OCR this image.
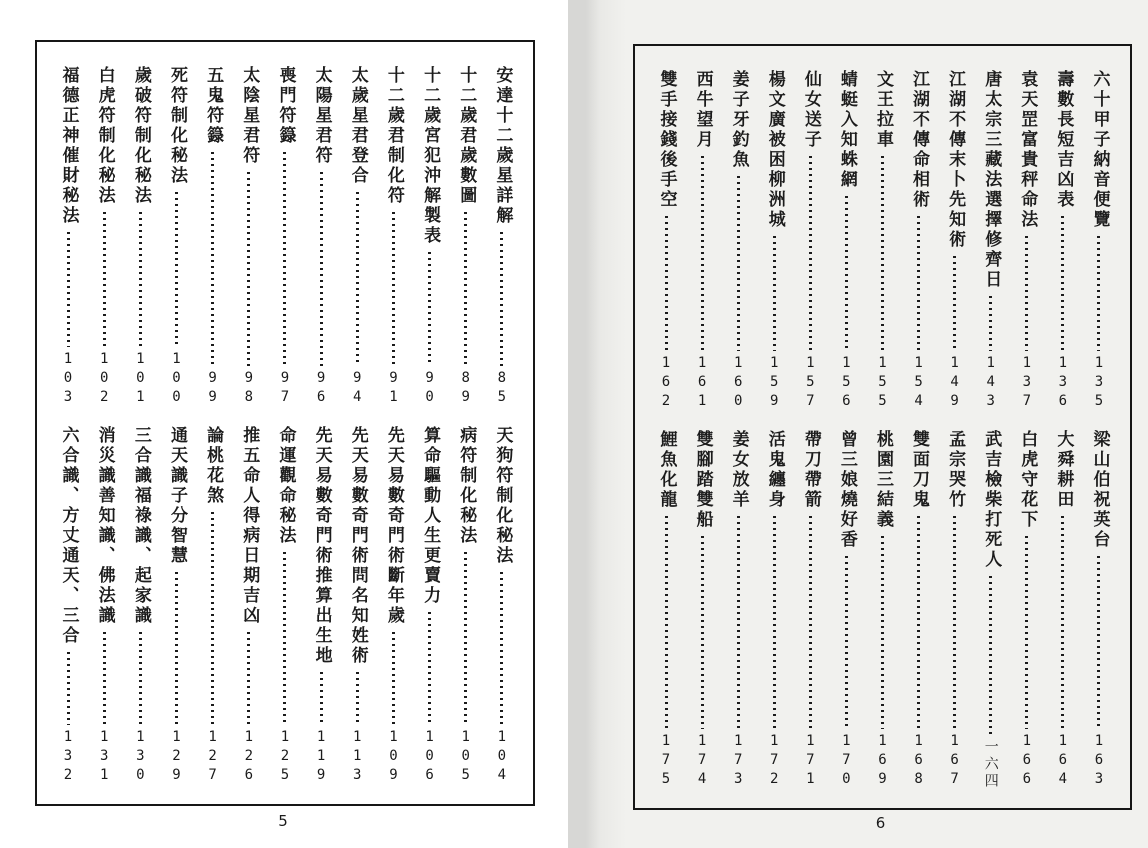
安達十二歲星詳解
85
十二歲君歲數圖
89
十二歲宮犯沖解製表
90
十二歲君制化符
91
太歲星君登合
94
太陽星君符
96
喪門符籙
97
太陰星君符
98
五鬼符籙
99
死符制化秘法
100
歲破符制化秘法
101
白虎符制化秘法
102
福德正神催財秘法
103
天狗符制化秘法
104
病符制化秘法
105
算命驅動人生更賣力
106
先天易數奇門術斷年歲
109
先天易數奇門術問名知姓術
113
先天易數奇門術推算出生地
119
命運觀命秘法
125
推五命人得病日期吉凶
126
論桃花煞
127
通天識子分智慧
129
三合識福祿識、起家識
130
消災識善知識、佛法識
131
六合識、方丈通天、三合
132
5
六十甲子納音便覽
135
壽數長短吉凶表
136
袁天罡富貴秤命法
137
唐太宗三藏法選擇修齊日
143
江湖不傳末卜先知術
149
江湖不傳命相術
154
文王拉車
155
蜻蜓入知蛛網
156
仙女送子
157
楊文廣被困柳洲城
159
姜子牙釣魚
160
西牛望月
161
雙手接錢後手空
162
梁山伯祝英台
163
大舜耕田
164
白虎守花下
166
武吉檢柴打死人
一六四
孟宗哭竹
167
雙面刀鬼
168
桃園三結義
169
曾三娘燒好香
170
帶刀帶箭
171
活鬼纏身
172
姜女放羊
173
雙腳踏雙船
174
鯉魚化龍
175
6
